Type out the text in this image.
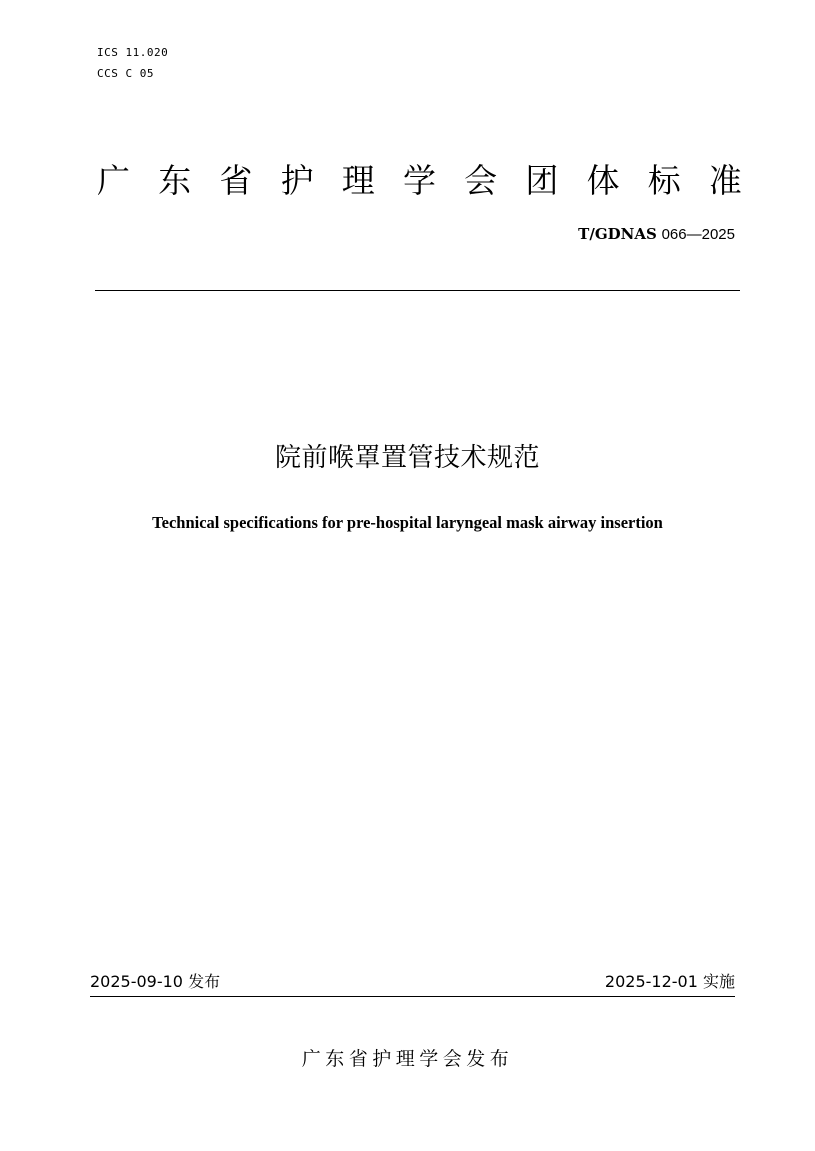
ICS 11.020
CCS C 05
广 东 省 护 理 学 会 团 体 标 准
T/GDNAS 066—2025
院前喉罩置管技术规范
Technical specifications for pre-hospital laryngeal mask airway insertion
2025-09-10 发布	2025-12-01 实施
广东省护理学会发布
